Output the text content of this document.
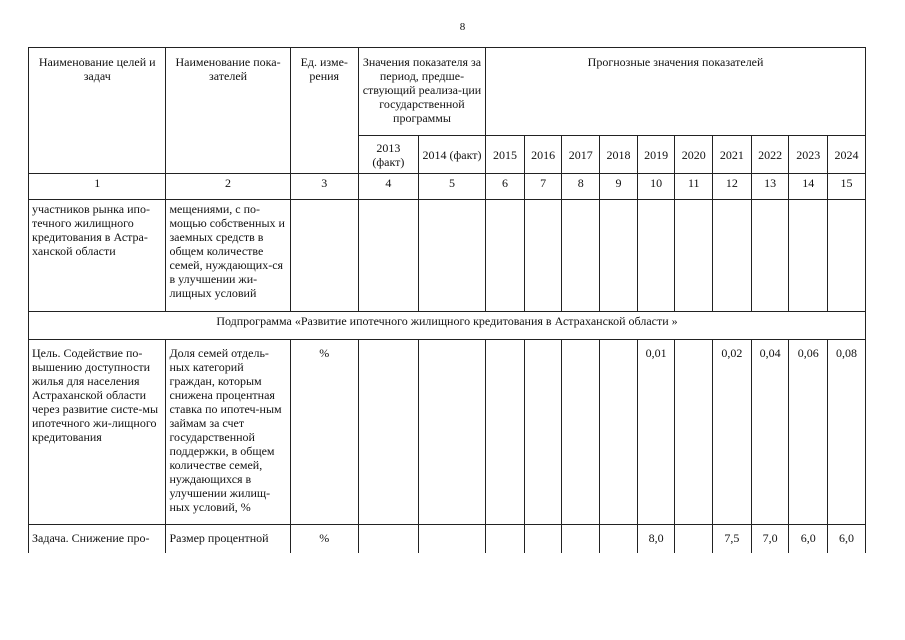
8
Наименование целей и задач	Наименование пока-зателей	Ед. изме-рения	Значения показателя за период, предше-ствующий реализа-ции государственной программы		Прогнозные значения показателей									
			2013 (факт)	2014 (факт)	2015	2016	2017	2018	2019	2020	2021	2022	2023	2024
1	2	3	4	5	6	7	8	9	10	11	12	13	14	15
участников рынка ипо-течного жилищного кредитования в Астра-ханской области	мещениями, с по-мощью собственных и заемных средств в общем количестве семей, нуждающих-ся в улучшении жи-лищных условий													
Подпрограмма «Развитие ипотечного жилищного кредитования в Астраханской области »														
Цель. Содействие по-вышению доступности жилья для населения Астраханской области через развитие систе-мы ипотечного жи-лищного кредитования	Доля семей отдель-ных категорий граждан, которым снижена процентная ставка по ипотеч-ным займам за счет государственной поддержки, в общем количестве семей, нуждающихся в улучшении жилищ-ных условий, %	%							0,01		0,02	0,04	0,06	0,08
Задача. Снижение про-	Размер процентной	%							8,0		7,5	7,0	6,0	6,0
